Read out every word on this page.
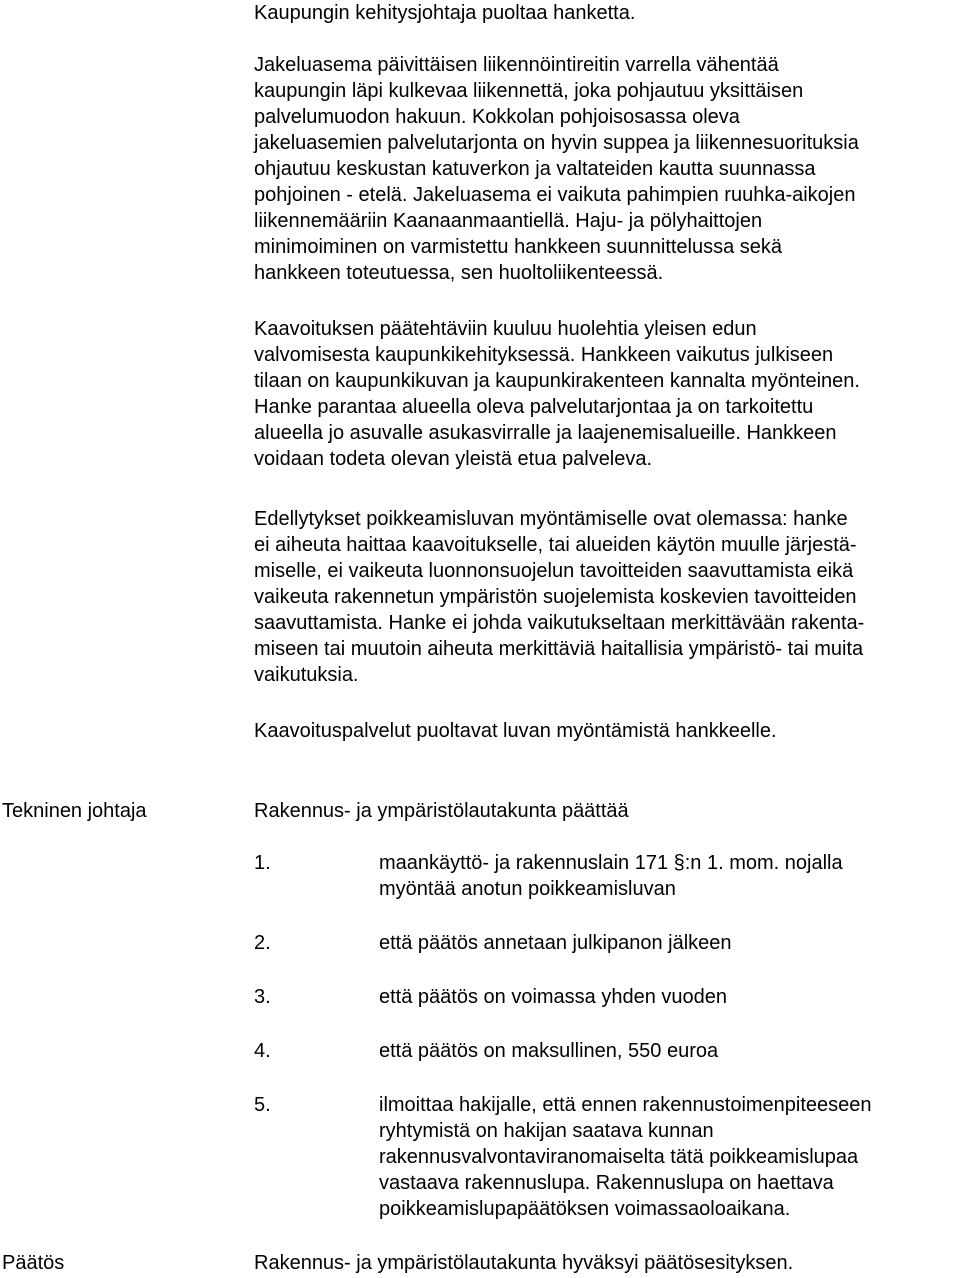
Kaupungin kehitysjohtaja puoltaa hanketta.

Jakeluasema päivittäisen liikennöintireitin varrella vähentää
kaupungin läpi kulkevaa liikennettä, joka pohjautuu yksittäisen
palvelumuodon hakuun. Kokkolan pohjoisosassa oleva
jakeluasemien palvelutarjonta on hyvin suppea ja liikennesuorituksia
ohjautuu keskustan katuverkon ja valtateiden kautta suunnassa
pohjoinen - etelä. Jakeluasema ei vaikuta pahimpien ruuhka-aikojen
liikennemääriin Kaanaanmaantiellä. Haju- ja pölyhaittojen
minimoiminen on varmistettu hankkeen suunnittelussa sekä
hankkeen toteutuessa, sen huoltoliikenteessä.

Kaavoituksen päätehtäviin kuuluu huolehtia yleisen edun
valvomisesta kaupunkikehityksessä. Hankkeen vaikutus julkiseen
tilaan on kaupunkikuvan ja kaupunkirakenteen kannalta myönteinen.
Hanke parantaa alueella oleva palvelutarjontaa ja on tarkoitettu
alueella jo asuvalle asukasvirralle ja laajenemisalueille. Hankkeen
voidaan todeta olevan yleistä etua palveleva.

Edellytykset poikkeamisluvan myöntämiselle ovat olemassa: hanke
ei aiheuta haittaa kaavoitukselle, tai alueiden käytön muulle järjestä-
miselle, ei vaikeuta luonnonsuojelun tavoitteiden saavuttamista eikä
vaikeuta rakennetun ympäristön suojelemista koskevien tavoitteiden
saavuttamista. Hanke ei johda vaikutukseltaan merkittävään rakenta-
miseen tai muutoin aiheuta merkittäviä haitallisia ympäristö- tai muita
vaikutuksia.

Kaavoituspalvelut puoltavat luvan myöntämistä hankkeelle.

Tekninen johtaja	Rakennus- ja ympäristölautakunta päättää
1.	maankäyttö- ja rakennuslain 171 §:n 1. mom. nojalla
myöntää anotun poikkeamisluvan
2.	että päätös annetaan julkipanon jälkeen
3.	että päätös on voimassa yhden vuoden
4.	että päätös on maksullinen, 550 euroa
5.	ilmoittaa hakijalle, että ennen rakennustoimenpiteeseen
ryhtymistä on hakijan saatava kunnan
rakennusvalvontaviranomaiselta tätä poikkeamislupaa
vastaava rakennuslupa. Rakennuslupa on haettava
poikkeamislupapäätöksen voimassaoloaikana.
Päätös	Rakennus- ja ympäristölautakunta hyväksyi päätösesityksen.
